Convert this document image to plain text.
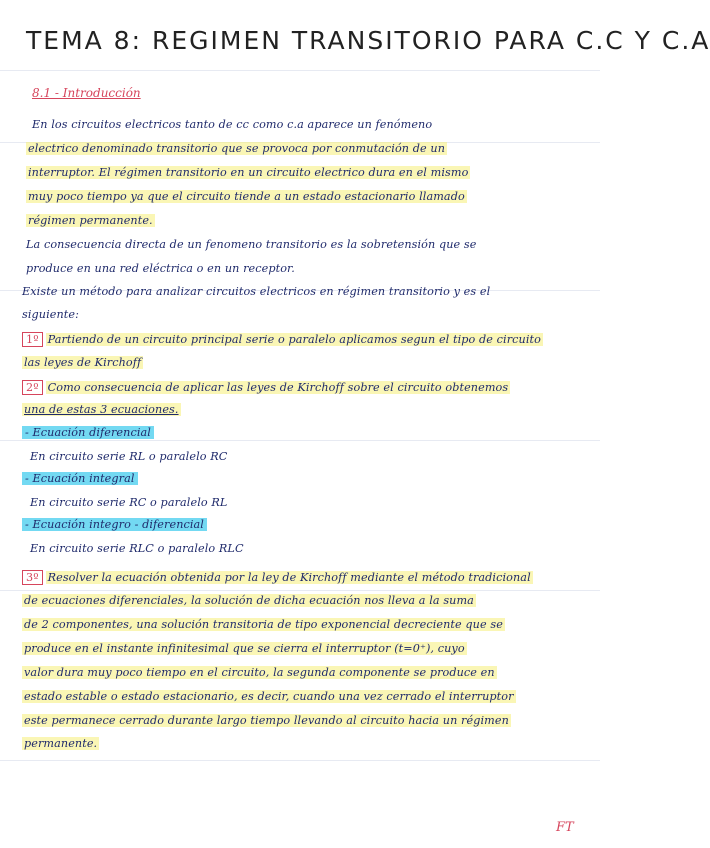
TEMA 8: REGIMEN TRANSITORIO PARA C.C Y C.A
8.1 - Introducción
En los circuitos electricos tanto de cc como c.a aparece un fenómeno
electrico denominado transitorio que se provoca por conmutación de un
interruptor. El régimen transitorio en un circuito electrico dura en el mismo
muy poco tiempo ya que el circuito tiende a un estado estacionario llamado
régimen permanente.
La consecuencia directa de un fenomeno transitorio es la sobretensión que se
produce en una red eléctrica o en un receptor.
Existe un método para analizar circuitos electricos en régimen transitorio y es el
siguiente:
1º Partiendo de un circuito principal serie o paralelo aplicamos segun el tipo de circuito
las leyes de Kirchoff
2º Como consecuencia de aplicar las leyes de Kirchoff sobre el circuito obtenemos
una de estas 3 ecuaciones.
- Ecuación diferencial
En circuito serie RL o paralelo RC
- Ecuación integral
En circuito serie RC o paralelo RL
- Ecuación integro - diferencial
En circuito serie RLC o paralelo RLC
3º Resolver la ecuación obtenida por la ley de Kirchoff mediante el método tradicional
de ecuaciones diferenciales, la solución de dicha ecuación nos lleva a la suma
de 2 componentes, una solución transitoria de tipo exponencial decreciente que se
produce en el instante infinitesimal que se cierra el interruptor (t=0⁺), cuyo
valor dura muy poco tiempo en el circuito, la segunda componente se produce en
estado estable o estado estacionario, es decir, cuando una vez cerrado el interruptor
este permanece cerrado durante largo tiempo llevando al circuito hacia un régimen
permanente.
FT
